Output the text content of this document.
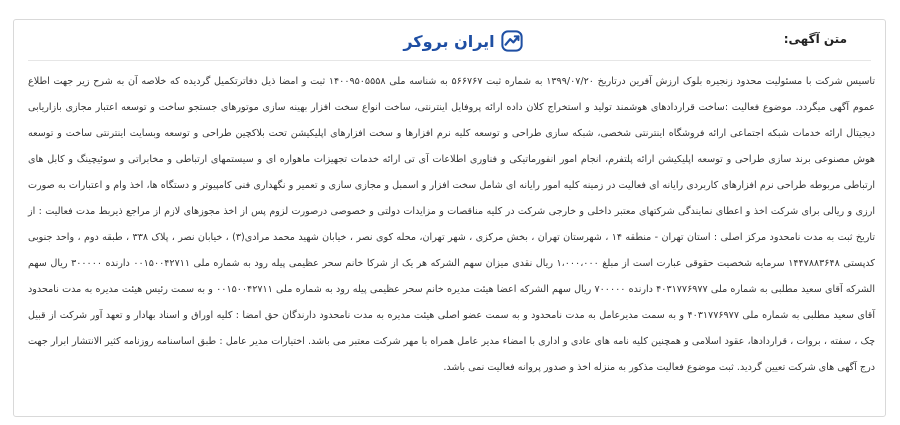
ایران بروکر	متن آگهی:
تاسیس شرکت با مسئولیت محدود زنجیره بلوک ارزش آفرین درتاریخ ۱۳۹۹/۰۷/۲۰ به شماره ثبت ۵۶۶۷۶۷ به شناسه ملی ۱۴۰۰۹۵۰۵۵۵۸ ثبت و امضا ذیل دفاترتکمیل گردیده که خلاصه آن به شرح زیر جهت اطلاع عموم آگهی میگردد. موضوع فعالیت :ساخت قراردادهای هوشمند تولید و استخراج کلان داده ارائه پروفایل اینترنتی، ساخت انواع سخت افزار بهینه سازی موتورهای جستجو ساخت و توسعه اعتبار مجازی بازاریابی دیجیتال ارائه خدمات شبکه اجتماعی ارائه فروشگاه اینترنتی شخصی، شبکه سازی طراحی و توسعه کلیه نرم افزارها و سخت افزارهای اپلیکیشن تحت بلاکچین طراحی و توسعه وبسایت اینترنتی ساخت و توسعه هوش مصنوعی برند سازی طراحی و توسعه اپلیکیشن ارائه پلتفرم، انجام امور انفورماتیکی و فناوری اطلاعات آی تی ارائه خدمات تجهیزات ماهواره ای و سیستمهای ارتباطی و مخابراتی و سوئیچینگ و کابل های ارتباطی مربوطه طراحی نرم افزارهای کاربردی رایانه ای فعالیت در زمینه کلیه امور رایانه ای شامل سخت افزار و اسمبل و مجازی سازی و تعمیر و نگهداری فنی کامپیوتر و دستگاه ها، اخذ وام و اعتبارات به صورت ارزی و ریالی برای شرکت اخذ و اعطای نمایندگی شرکتهای معتبر داخلی و خارجی شرکت در کلیه مناقصات و مزایدات دولتی و خصوصی درصورت لزوم پس از اخذ مجوزهای لازم از مراجع ذیربط مدت فعالیت : از تاریخ ثبت به مدت نامحدود مرکز اصلی : استان تهران - منطقه ۱۴ ، شهرستان تهران ، بخش مرکزی ، شهر تهران، محله کوی نصر ، خیابان شهید محمد مرادی(۳) ، خیابان نصر ، پلاک ۳۳۸ ، طبقه دوم ، واحد جنوبی کدپستی ۱۴۴۷۸۸۳۶۴۸ سرمایه شخصیت حقوقی عبارت است از مبلغ ۱،۰۰۰،۰۰۰ ریال نقدی میزان سهم الشرکه هر یک از شرکا خانم سحر عظیمی پیله رود به شماره ملی ۰۰۱۵۰۰۴۲۷۱۱ دارنده ۳۰۰۰۰۰ ریال سهم الشرکه آقای سعید مطلبی به شماره ملی ۴۰۳۱۷۷۶۹۷۷ دارنده ۷۰۰۰۰۰ ریال سهم الشرکه اعضا هیئت مدیره خانم سحر عظیمی پیله رود به شماره ملی ۰۰۱۵۰۰۴۲۷۱۱ و به سمت رئیس هیئت مدیره به مدت نامحدود آقای سعید مطلبی به شماره ملی ۴۰۳۱۷۷۶۹۷۷ و به سمت مدیرعامل به مدت نامحدود و به سمت عضو اصلی هیئت مدیره به مدت نامحدود دارندگان حق امضا : کلیه اوراق و اسناد بهادار و تعهد آور شرکت از قبیل چک ، سفته ، بروات ، قراردادها، عقود اسلامی و همچنین کلیه نامه های عادی و اداری با امضاء مدیر عامل همراه با مهر شرکت معتبر می باشد. اختیارات مدیر عامل : طبق اساسنامه روزنامه کثیر الانتشار ابرار جهت درج آگهی های شرکت تعیین گردید. ثبت موضوع فعالیت مذکور به منزله اخذ و صدور پروانه فعالیت نمی باشد.
